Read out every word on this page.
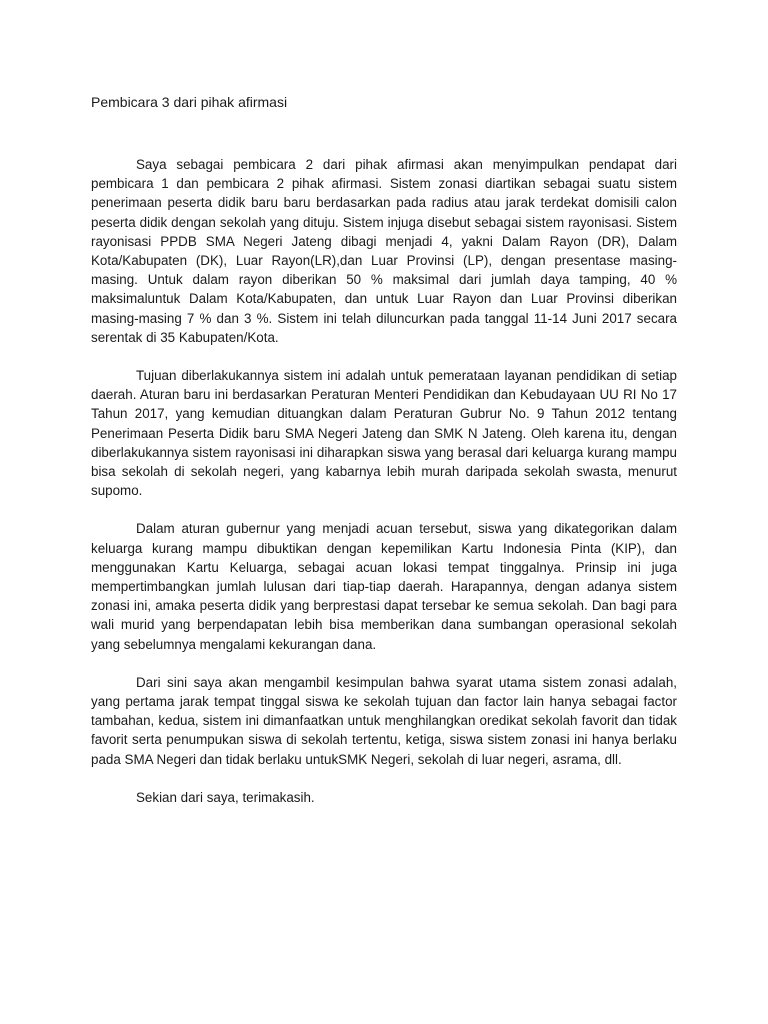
Pembicara 3 dari pihak afirmasi

Saya sebagai pembicara 2 dari pihak afirmasi akan menyimpulkan pendapat dari pembicara 1 dan pembicara 2 pihak afirmasi. Sistem zonasi diartikan sebagai suatu sistem penerimaan peserta didik baru baru berdasarkan pada radius atau jarak terdekat domisili calon peserta didik dengan sekolah yang dituju. Sistem injuga disebut sebagai sistem rayonisasi. Sistem rayonisasi PPDB SMA Negeri Jateng dibagi menjadi 4, yakni Dalam Rayon (DR), Dalam Kota/Kabupaten (DK), Luar Rayon(LR),dan Luar Provinsi (LP), dengan presentase masing-masing. Untuk dalam rayon diberikan 50 % maksimal dari jumlah daya tamping, 40 % maksimaluntuk Dalam Kota/Kabupaten, dan untuk Luar Rayon dan Luar Provinsi diberikan masing-masing 7 % dan 3 %. Sistem ini telah diluncurkan pada tanggal 11-14 Juni 2017 secara serentak di 35 Kabupaten/Kota.

Tujuan diberlakukannya sistem ini adalah untuk pemerataan layanan pendidikan di setiap daerah. Aturan baru ini berdasarkan Peraturan Menteri Pendidikan dan Kebudayaan UU RI No 17 Tahun 2017, yang kemudian dituangkan dalam Peraturan Gubrur No. 9 Tahun 2012 tentang Penerimaan Peserta Didik baru SMA Negeri Jateng dan SMK N Jateng. Oleh karena itu, dengan diberlakukannya sistem rayonisasi ini diharapkan siswa yang berasal dari keluarga kurang mampu bisa sekolah di sekolah negeri, yang kabarnya lebih murah daripada sekolah swasta, menurut supomo.

Dalam aturan gubernur yang menjadi acuan tersebut, siswa yang dikategorikan dalam keluarga kurang mampu dibuktikan dengan kepemilikan Kartu Indonesia Pinta (KIP), dan menggunakan Kartu Keluarga, sebagai acuan lokasi tempat tinggalnya. Prinsip ini juga mempertimbangkan jumlah lulusan dari tiap-tiap daerah. Harapannya, dengan adanya sistem zonasi ini, amaka peserta didik yang berprestasi dapat tersebar ke semua sekolah. Dan bagi para wali murid yang berpendapatan lebih bisa memberikan dana sumbangan operasional sekolah yang sebelumnya mengalami kekurangan dana.

Dari sini saya akan mengambil kesimpulan bahwa syarat utama sistem zonasi adalah, yang pertama jarak tempat tinggal siswa ke sekolah tujuan dan factor lain hanya sebagai factor tambahan, kedua, sistem ini dimanfaatkan untuk menghilangkan oredikat sekolah favorit dan tidak favorit serta penumpukan siswa di sekolah tertentu, ketiga, siswa sistem zonasi ini hanya berlaku pada SMA Negeri dan tidak berlaku untukSMK Negeri, sekolah di luar negeri, asrama, dll.

Sekian dari saya, terimakasih.
